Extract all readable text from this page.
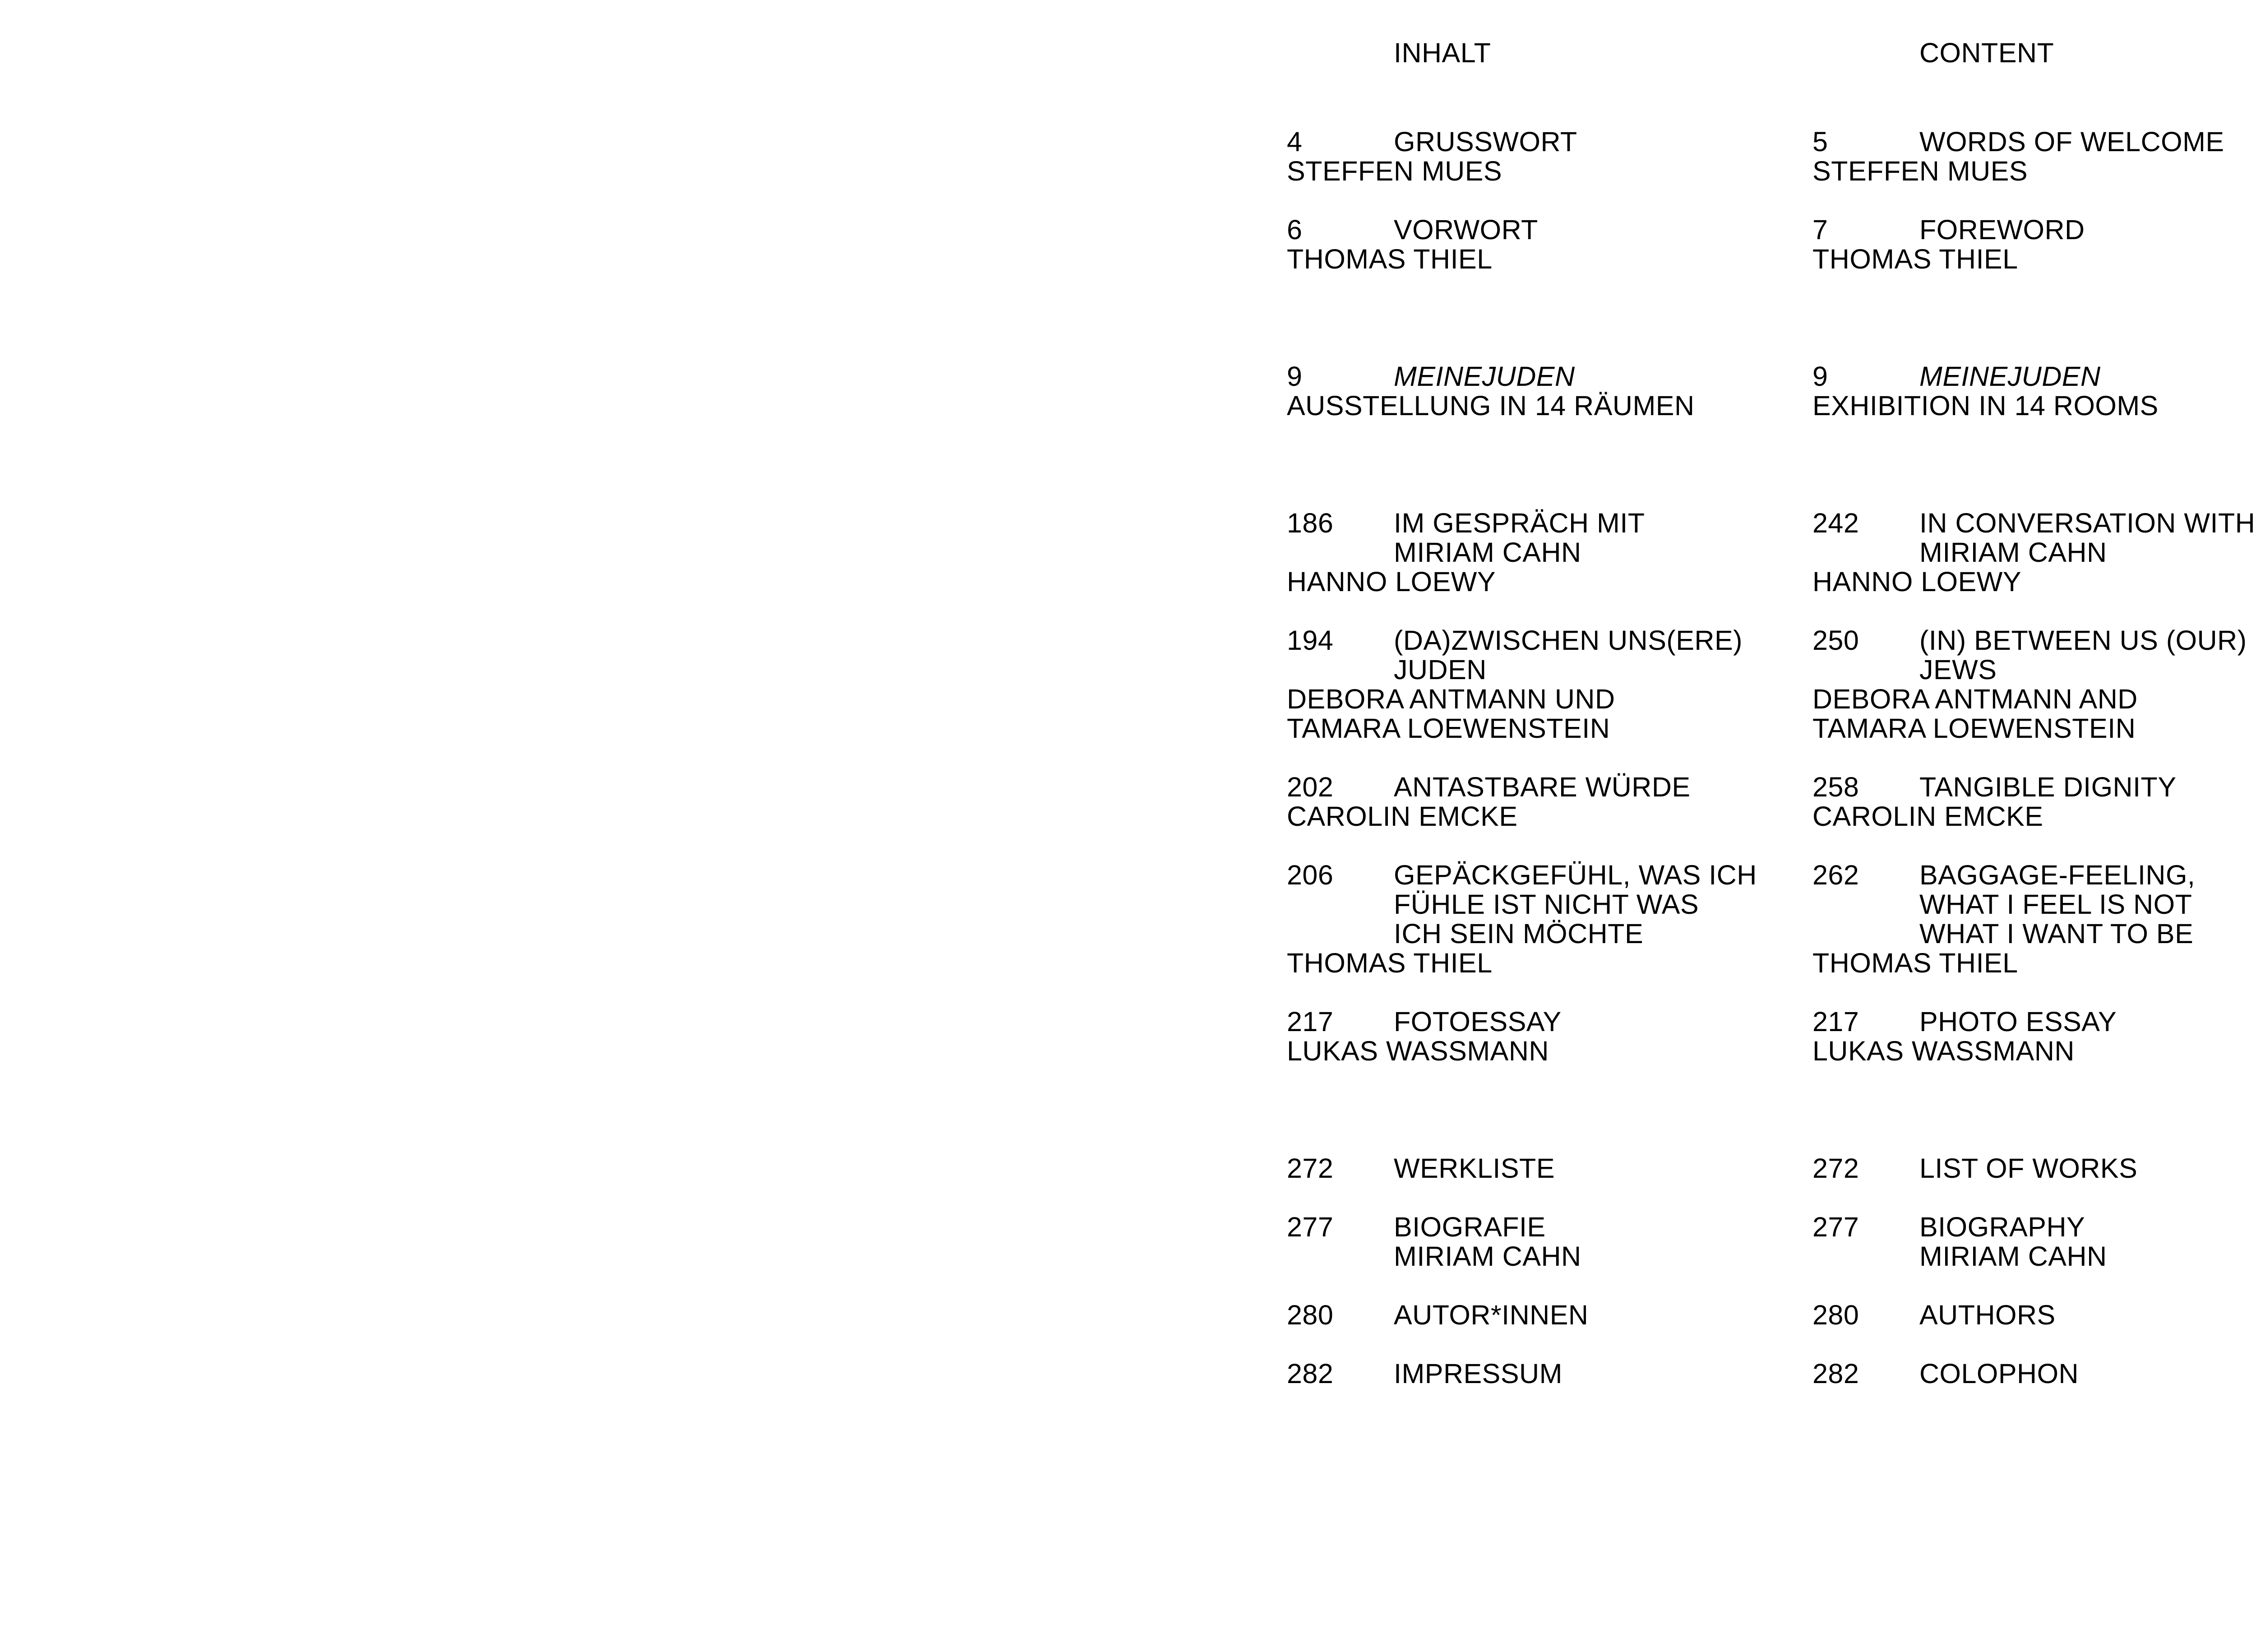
INHALT
4	GRUSSWORT
STEFFEN MUES
6	VORWORT
THOMAS THIEL
9	MEINEJUDEN
AUSSTELLUNG IN 14 RÄUMEN
186 IM GESPRÄCH MIT
MIRIAM CAHN
HANNO LOEWY
194 (DA)ZWISCHEN UNS(ERE)
JUDEN
DEBORA ANTMANN UND
TAMARA LOEWENSTEIN
202 ANTASTBARE WÜRDE
CAROLIN EMCKE
206 GEPÄCKGEFÜHL, WAS ICH
FÜHLE IST NICHT WAS
ICH SEIN MÖCHTE
THOMAS THIEL
217 FOTOESSAY
LUKAS WASSMANN
272 WERKLISTE
277 BIOGRAFIE
MIRIAM CAHN
280 AUTOR*INNEN
282 IMPRESSUM
CONTENT
5	WORDS OF WELCOME
STEFFEN MUES
7	FOREWORD
THOMAS THIEL
9	MEINEJUDEN
EXHIBITION IN 14 ROOMS
242 IN CONVERSATION WITH
MIRIAM CAHN
HANNO LOEWY
250 (IN) BETWEEN US (OUR)
JEWS
DEBORA ANTMANN AND
TAMARA LOEWENSTEIN
258 TANGIBLE DIGNITY
CAROLIN EMCKE
262 BAGGAGE-FEELING,
WHAT I FEEL IS NOT
WHAT I WANT TO BE
THOMAS THIEL
217 PHOTO ESSAY
LUKAS WASSMANN
272 LIST OF WORKS
277 BIOGRAPHY
MIRIAM CAHN
280 AUTHORS
282 COLOPHON
